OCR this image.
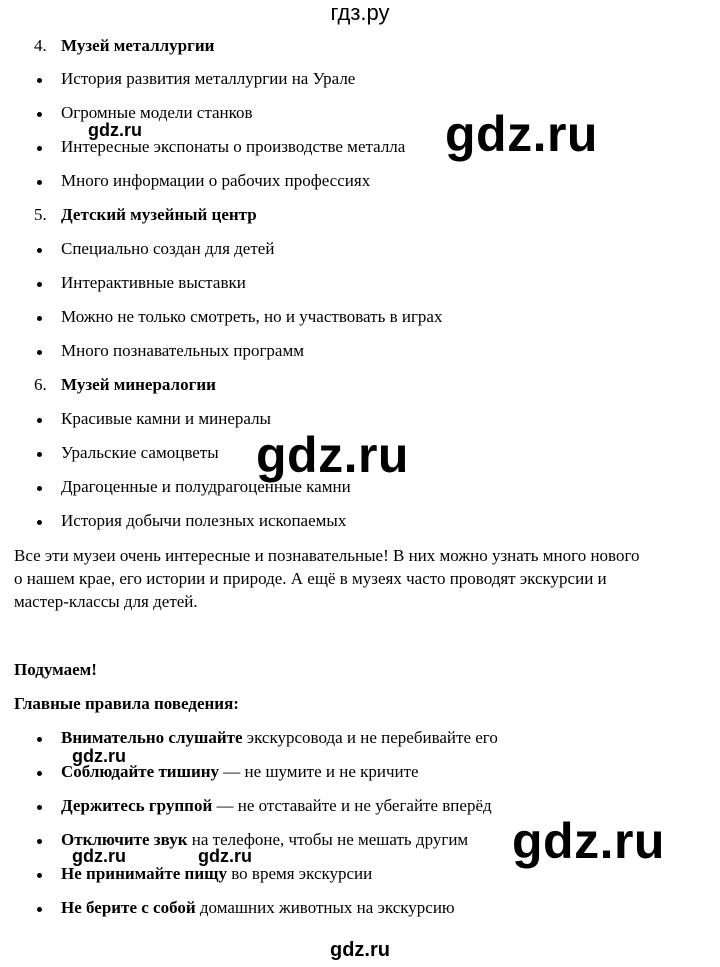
гдз.ру
4. Музей металлургии
История развития металлургии на Урале
Огромные модели станков
Интересные экспонаты о производстве металла
Много информации о рабочих профессиях
5. Детский музейный центр
Специально создан для детей
Интерактивные выставки
Можно не только смотреть, но и участвовать в играх
Много познавательных программ
6. Музей минералогии
Красивые камни и минералы
Уральские самоцветы
Драгоценные и полудрагоценные камни
История добычи полезных ископаемых
Все эти музеи очень интересные и познавательные! В них можно узнать много нового
о нашем крае, его истории и природе. А ещё в музеях часто проводят экскурсии и
мастер-классы для детей.
Подумаем!
Главные правила поведения:
Внимательно слушайте экскурсовода и не перебивайте его
Соблюдайте тишину — не шумите и не кричите
Держитесь группой — не отставайте и не убегайте вперёд
Отключите звук на телефоне, чтобы не мешать другим
Не принимайте пищу во время экскурсии
Не берите с собой домашних животных на экскурсию
gdz.ru
gdz.ru
gdz.ru
gdz.ru
gdz.ru
gdz.ru	gdz.ru
gdz.ru
